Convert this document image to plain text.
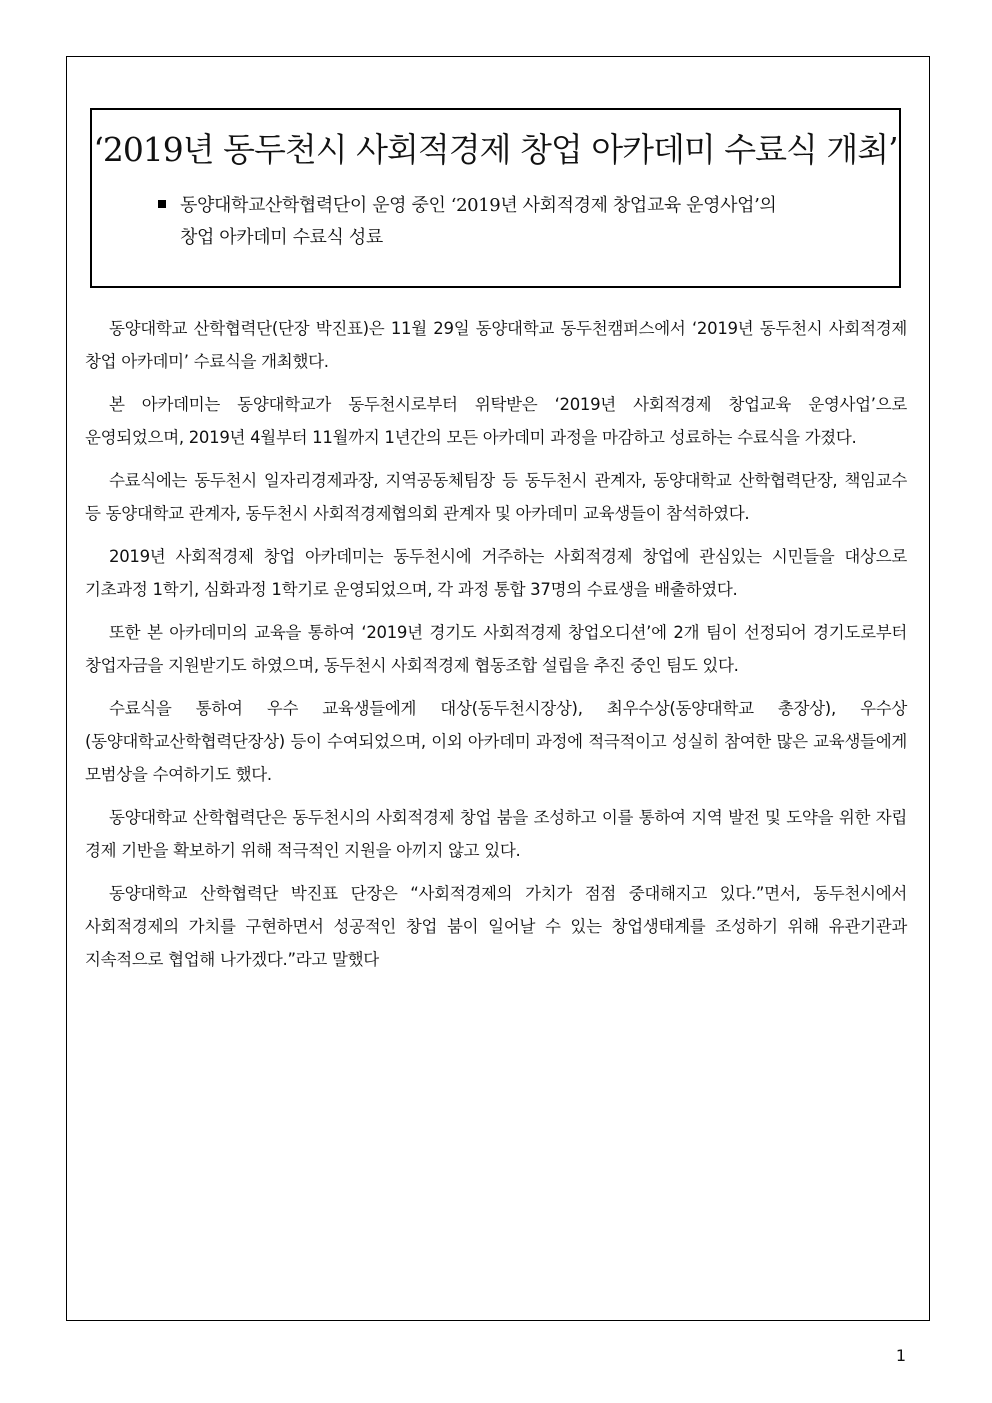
‘2019년 동두천시 사회적경제 창업 아카데미 수료식 개최’
동양대학교산학협력단이 운영 중인 ‘2019년 사회적경제 창업교육 운영사업’의
창업 아카데미 수료식 성료

동양대학교 산학협력단(단장 박진표)은 11월 29일 동양대학교 동두천캠퍼스에서 ‘2019년 동두천시 사회적경제 창업 아카데미’ 수료식을 개최했다.

본 아카데미는 동양대학교가 동두천시로부터 위탁받은 ‘2019년 사회적경제 창업교육 운영사업’으로 운영되었으며, 2019년 4월부터 11월까지 1년간의 모든 아카데미 과정을 마감하고 성료하는 수료식을 가졌다.

수료식에는 동두천시 일자리경제과장, 지역공동체팀장 등 동두천시 관계자, 동양대학교 산학협력단장, 책임교수 등 동양대학교 관계자, 동두천시 사회적경제협의회 관계자 및 아카데미 교육생들이 참석하였다.

2019년 사회적경제 창업 아카데미는 동두천시에 거주하는 사회적경제 창업에 관심있는 시민들을 대상으로 기초과정 1학기, 심화과정 1학기로 운영되었으며, 각 과정 통합 37명의 수료생을 배출하였다.

또한 본 아카데미의 교육을 통하여 ‘2019년 경기도 사회적경제 창업오디션’에 2개 팀이 선정되어 경기도로부터 창업자금을 지원받기도 하였으며, 동두천시 사회적경제 협동조합 설립을 추진 중인 팀도 있다.

수료식을 통하여 우수 교육생들에게 대상(동두천시장상), 최우수상(동양대학교 총장상), 우수상(동양대학교산학협력단장상) 등이 수여되었으며, 이외 아카데미 과정에 적극적이고 성실히 참여한 많은 교육생들에게 모범상을 수여하기도 했다.

동양대학교 산학협력단은 동두천시의 사회적경제 창업 붐을 조성하고 이를 통하여 지역 발전 및 도약을 위한 자립 경제 기반을 확보하기 위해 적극적인 지원을 아끼지 않고 있다.

동양대학교 산학협력단 박진표 단장은 “사회적경제의 가치가 점점 중대해지고 있다.”면서, 동두천시에서 사회적경제의 가치를 구현하면서 성공적인 창업 붐이 일어날 수 있는 창업생태계를 조성하기 위해 유관기관과 지속적으로 협업해 나가겠다.”라고 말했다

1
